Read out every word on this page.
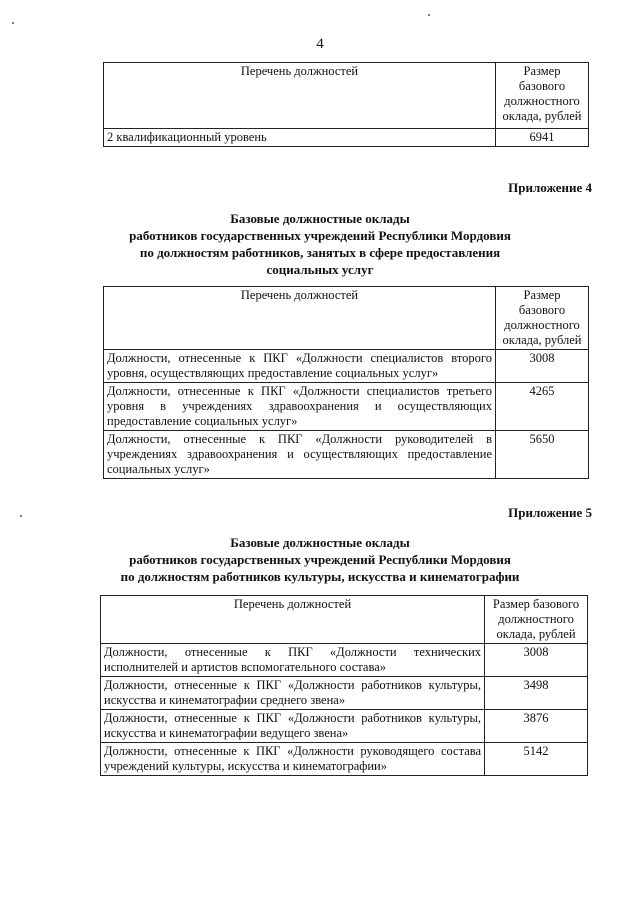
4
Перечень должностей	Размер базового должностного оклада, рублей
2 квалификационный уровень	6941
Приложение 4
Базовые должностные оклады
работников государственных учреждений Республики Мордовия
по должностям работников, занятых в сфере предоставления
социальных услуг
Перечень должностей	Размер базового должностного оклада, рублей
Должности, отнесенные к ПКГ «Должности специалистов второго уровня, осуществляющих предоставление социальных услуг»	3008
Должности, отнесенные к ПКГ «Должности специалистов третьего уровня в учреждениях здравоохранения и осуществляющих предоставление социальных услуг»	4265
Должности, отнесенные к ПКГ «Должности руководителей в учреждениях здравоохранения и осуществляющих предоставление социальных услуг»	5650
Приложение 5
Базовые должностные оклады
работников государственных учреждений Республики Мордовия
по должностям работников культуры, искусства и кинематографии
Перечень должностей	Размер базового должностного оклада, рублей
Должности, отнесенные к ПКГ «Должности технических исполнителей и артистов вспомогательного состава»	3008
Должности, отнесенные к ПКГ «Должности работников культуры, искусства и кинематографии среднего звена»	3498
Должности, отнесенные к ПКГ «Должности работников культуры, искусства и кинематографии ведущего звена»	3876
Должности, отнесенные к ПКГ «Должности руководящего состава учреждений культуры, искусства и кинематографии»	5142
